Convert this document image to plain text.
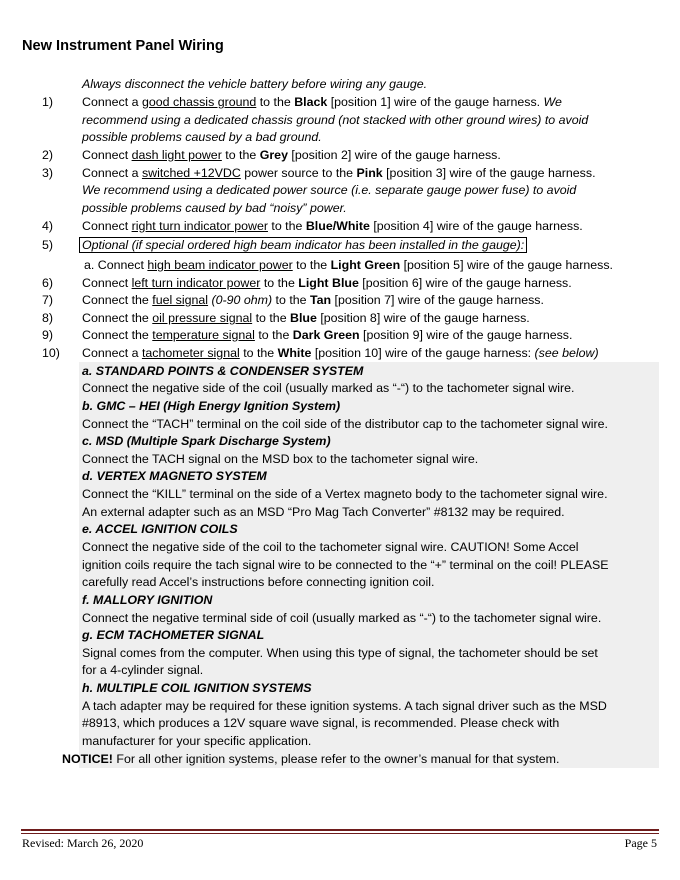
New Instrument Panel Wiring
Always disconnect the vehicle battery before wiring any gauge.
1) Connect a good chassis ground to the Black [position 1] wire of the gauge harness. We
recommend using a dedicated chassis ground (not stacked with other ground wires) to avoid
possible problems caused by a bad ground.
2) Connect dash light power to the Grey [position 2] wire of the gauge harness.
3) Connect a switched +12VDC power source to the Pink [position 3] wire of the gauge harness.
We recommend using a dedicated power source (i.e. separate gauge power fuse) to avoid
possible problems caused by bad “noisy” power.
4) Connect right turn indicator power to the Blue/White [position 4] wire of the gauge harness.
5) Optional (if special ordered high beam indicator has been installed in the gauge):
a. Connect high beam indicator power to the Light Green [position 5] wire of the gauge harness.
6) Connect left turn indicator power to the Light Blue [position 6] wire of the gauge harness.
7) Connect the fuel signal (0-90 ohm) to the Tan [position 7] wire of the gauge harness.
8) Connect the oil pressure signal to the Blue [position 8] wire of the gauge harness.
9) Connect the temperature signal to the Dark Green [position 9] wire of the gauge harness.
10) Connect a tachometer signal to the White [position 10] wire of the gauge harness: (see below)
a. STANDARD POINTS & CONDENSER SYSTEM
Connect the negative side of the coil (usually marked as “-“) to the tachometer signal wire.
b. GMC – HEI (High Energy Ignition System)
Connect the “TACH” terminal on the coil side of the distributor cap to the tachometer signal wire.
c. MSD (Multiple Spark Discharge System)
Connect the TACH signal on the MSD box to the tachometer signal wire.
d. VERTEX MAGNETO SYSTEM
Connect the “KILL” terminal on the side of a Vertex magneto body to the tachometer signal wire.
An external adapter such as an MSD “Pro Mag Tach Converter” #8132 may be required.
e. ACCEL IGNITION COILS
Connect the negative side of the coil to the tachometer signal wire. CAUTION! Some Accel
ignition coils require the tach signal wire to be connected to the “+” terminal on the coil! PLEASE
carefully read Accel’s instructions before connecting ignition coil.
f. MALLORY IGNITION
Connect the negative terminal side of coil (usually marked as “-“) to the tachometer signal wire.
g. ECM TACHOMETER SIGNAL
Signal comes from the computer. When using this type of signal, the tachometer should be set
for a 4-cylinder signal.
h. MULTIPLE COIL IGNITION SYSTEMS
A tach adapter may be required for these ignition systems. A tach signal driver such as the MSD
#8913, which produces a 12V square wave signal, is recommended. Please check with
manufacturer for your specific application.
NOTICE! For all other ignition systems, please refer to the owner’s manual for that system.
Revised: March 26, 2020	Page 5
